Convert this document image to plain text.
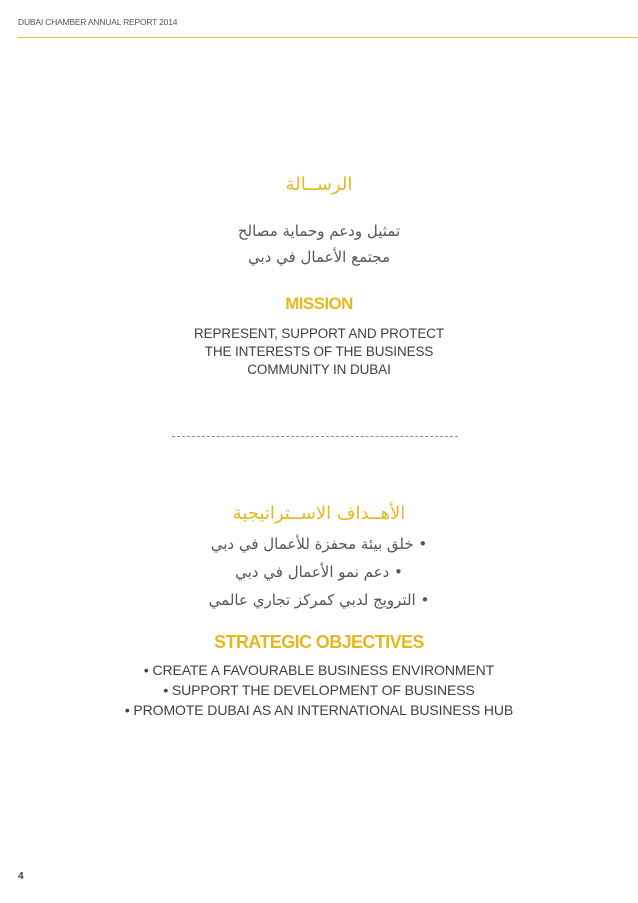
DUBAI CHAMBER ANNUAL REPORT 2014
الرســالة
تمثيل ودعم وحماية مصالح
مجتمع الأعمال في دبي
MISSION
REPRESENT, SUPPORT AND PROTECT
THE INTERESTS OF THE BUSINESS
COMMUNITY IN DUBAI
الأهــداف الاســتراتيجية
• خلق بيئة محفزة للأعمال في دبي
• دعم نمو الأعمال في دبي
• الترويج لدبي كمركز تجاري عالمي
STRATEGIC OBJECTIVES
• CREATE A FAVOURABLE BUSINESS ENVIRONMENT
• SUPPORT THE DEVELOPMENT OF BUSINESS
• PROMOTE DUBAI AS AN INTERNATIONAL BUSINESS HUB
4
